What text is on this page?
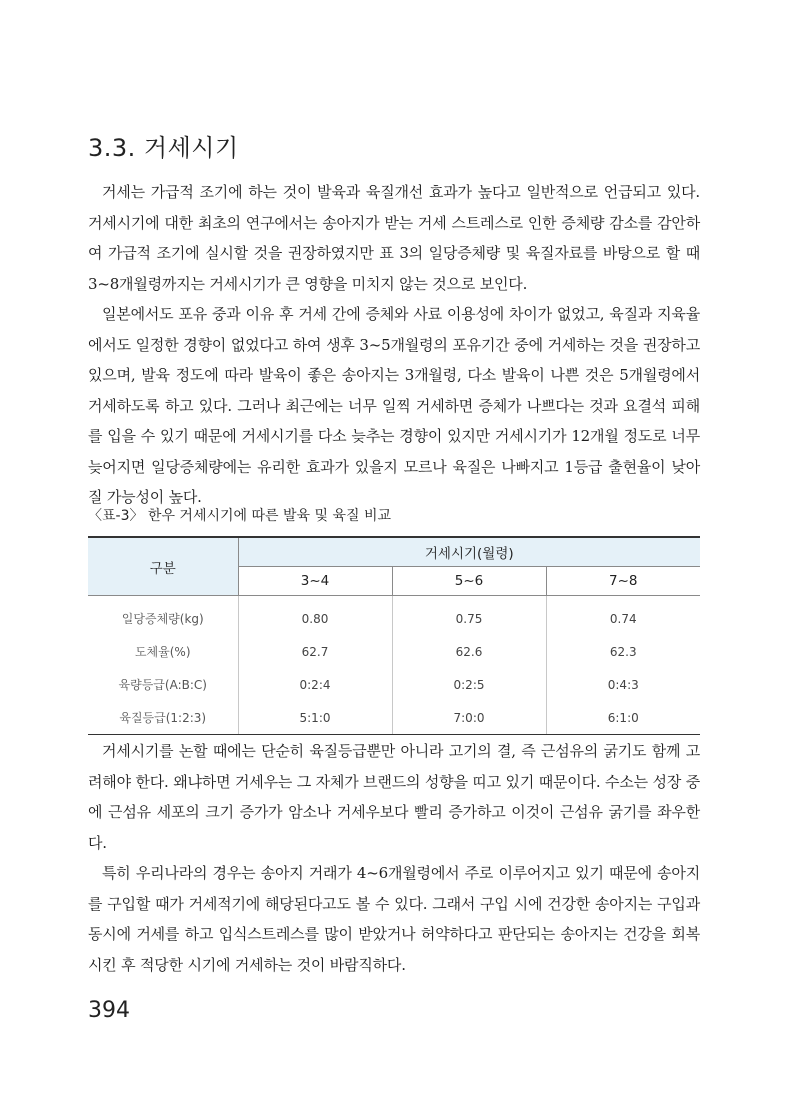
3.3. 거세시기

거세는 가급적 조기에 하는 것이 발육과 육질개선 효과가 높다고 일반적으로 언급되고 있다. 거세시기에 대한 최초의 연구에서는 송아지가 받는 거세 스트레스로 인한 증체량 감소를 감안하여 가급적 조기에 실시할 것을 권장하였지만 표 3의 일당증체량 및 육질자료를 바탕으로 할 때 3~8개월령까지는 거세시기가 큰 영향을 미치지 않는 것으로 보인다.

일본에서도 포유 중과 이유 후 거세 간에 증체와 사료 이용성에 차이가 없었고, 육질과 지육율에서도 일정한 경향이 없었다고 하여 생후 3~5개월령의 포유기간 중에 거세하는 것을 권장하고 있으며, 발육 정도에 따라 발육이 좋은 송아지는 3개월령, 다소 발육이 나쁜 것은 5개월령에서 거세하도록 하고 있다. 그러나 최근에는 너무 일찍 거세하면 증체가 나쁘다는 것과 요결석 피해를 입을 수 있기 때문에 거세시기를 다소 늦추는 경향이 있지만 거세시기가 12개월 정도로 너무 늦어지면 일당증체량에는 유리한 효과가 있을지 모르나 육질은 나빠지고 1등급 출현율이 낮아질 가능성이 높다.

〈표-3〉 한우 거세시기에 따른 발육 및 육질 비교

구분	거세시기(월령)		
	3~4	5~6	7~8
일당증체량(kg)	0.80	0.75	0.74
도체율(%)	62.7	62.6	62.3
육량등급(A:B:C)	0:2:4	0:2:5	0:4:3
육질등급(1:2:3)	5:1:0	7:0:0	6:1:0

거세시기를 논할 때에는 단순히 육질등급뿐만 아니라 고기의 결, 즉 근섬유의 굵기도 함께 고려해야 한다. 왜냐하면 거세우는 그 자체가 브랜드의 성향을 띠고 있기 때문이다. 수소는 성장 중에 근섬유 세포의 크기 증가가 암소나 거세우보다 빨리 증가하고 이것이 근섬유 굵기를 좌우한다.

특히 우리나라의 경우는 송아지 거래가 4~6개월령에서 주로 이루어지고 있기 때문에 송아지를 구입할 때가 거세적기에 해당된다고도 볼 수 있다. 그래서 구입 시에 건강한 송아지는 구입과 동시에 거세를 하고 입식스트레스를 많이 받았거나 허약하다고 판단되는 송아지는 건강을 회복시킨 후 적당한 시기에 거세하는 것이 바람직하다.

394
